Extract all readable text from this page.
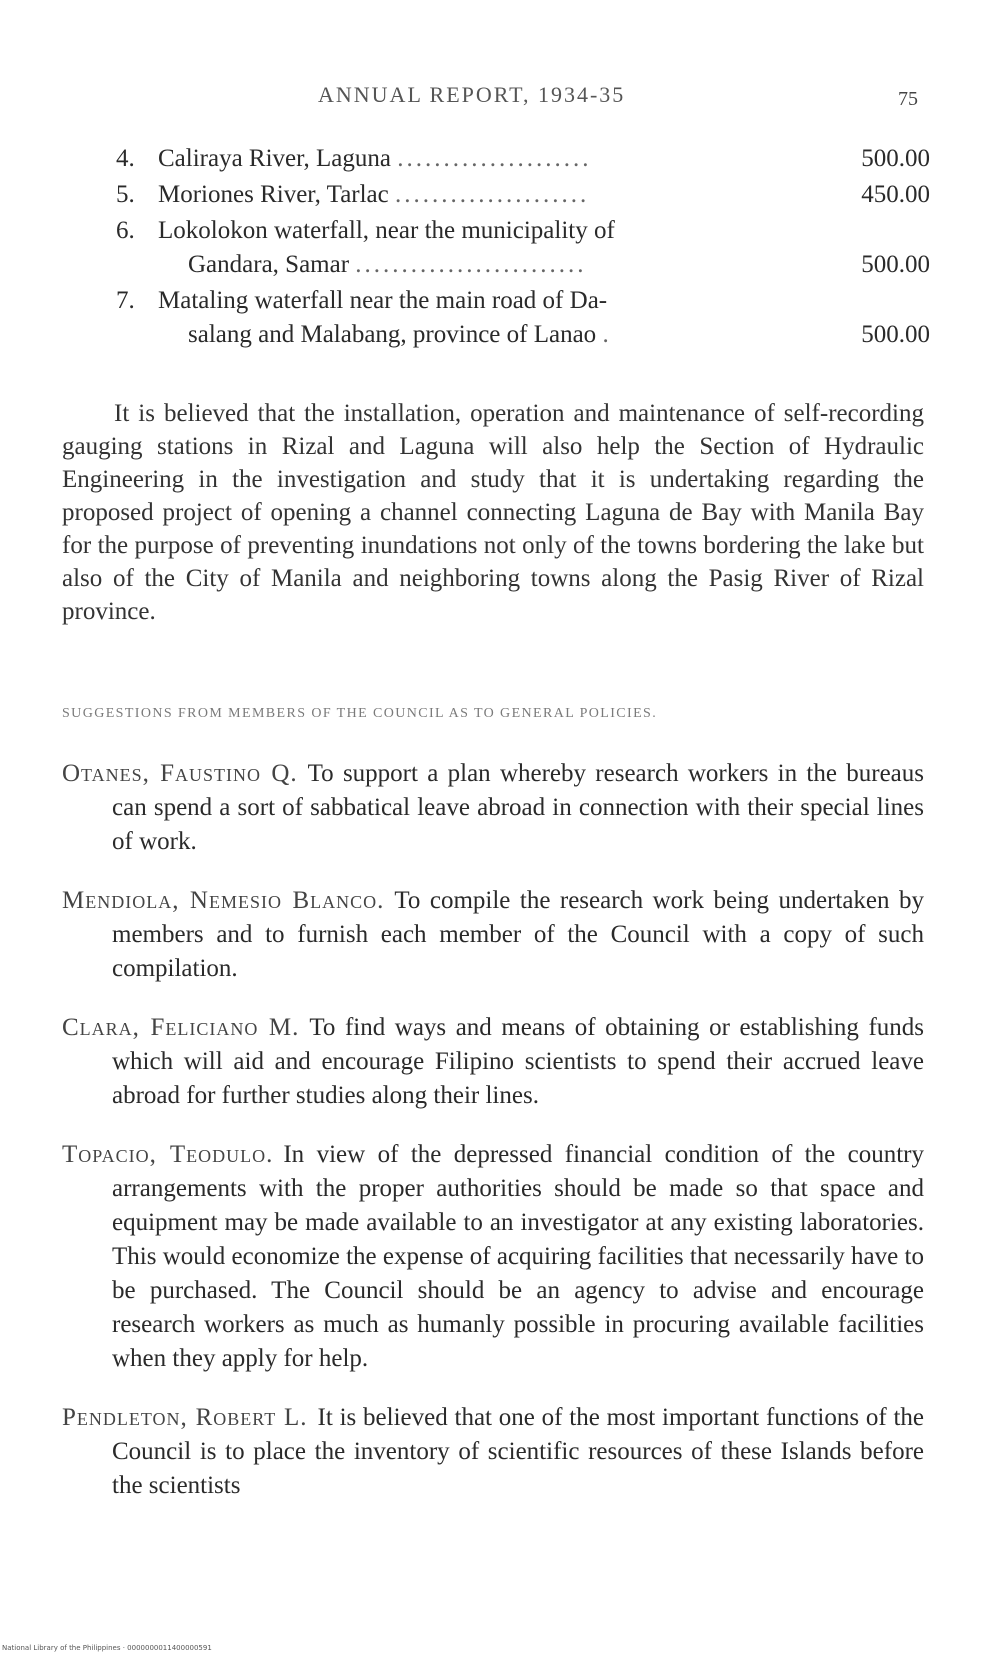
ANNUAL REPORT, 1934-35	75
4. Caliraya River, Laguna .....................	500.00
5. Moriones River, Tarlac .....................	450.00
6. Lokolokon waterfall, near the municipality of
Gandara, Samar .........................	500.00
7. Mataling waterfall near the main road of Da-
salang and Malabang, province of Lanao .	500.00

It is believed that the installation, operation and maintenance of self-recording gauging stations in Rizal and Laguna will also help the Section of Hydraulic Engineering in the investigation and study that it is undertaking regarding the proposed project of opening a channel connecting Laguna de Bay with Manila Bay for the purpose of preventing inundations not only of the towns bordering the lake but also of the City of Manila and neighboring towns along the Pasig River of Rizal province.

SUGGESTIONS FROM MEMBERS OF THE COUNCIL AS TO GENERAL POLICIES.

Otanes, Faustino Q. To support a plan whereby research workers in the bureaus can spend a sort of sabbatical leave abroad in connection with their special lines of work.

Mendiola, Nemesio Blanco. To compile the research work being undertaken by members and to furnish each member of the Council with a copy of such compilation.

Clara, Feliciano M. To find ways and means of obtaining or establishing funds which will aid and encourage Filipino scientists to spend their accrued leave abroad for further studies along their lines.

Topacio, Teodulo. In view of the depressed financial condition of the country arrangements with the proper authorities should be made so that space and equipment may be made available to an investigator at any existing laboratories. This would economize the expense of acquiring facilities that necessarily have to be purchased. The Council should be an agency to advise and encourage research workers as much as humanly possible in procuring available facilities when they apply for help.

Pendleton, Robert L. It is believed that one of the most important functions of the Council is to place the inventory of scientific resources of these Islands before the scientists

National Library of the Philippines · 0000000011400000591
